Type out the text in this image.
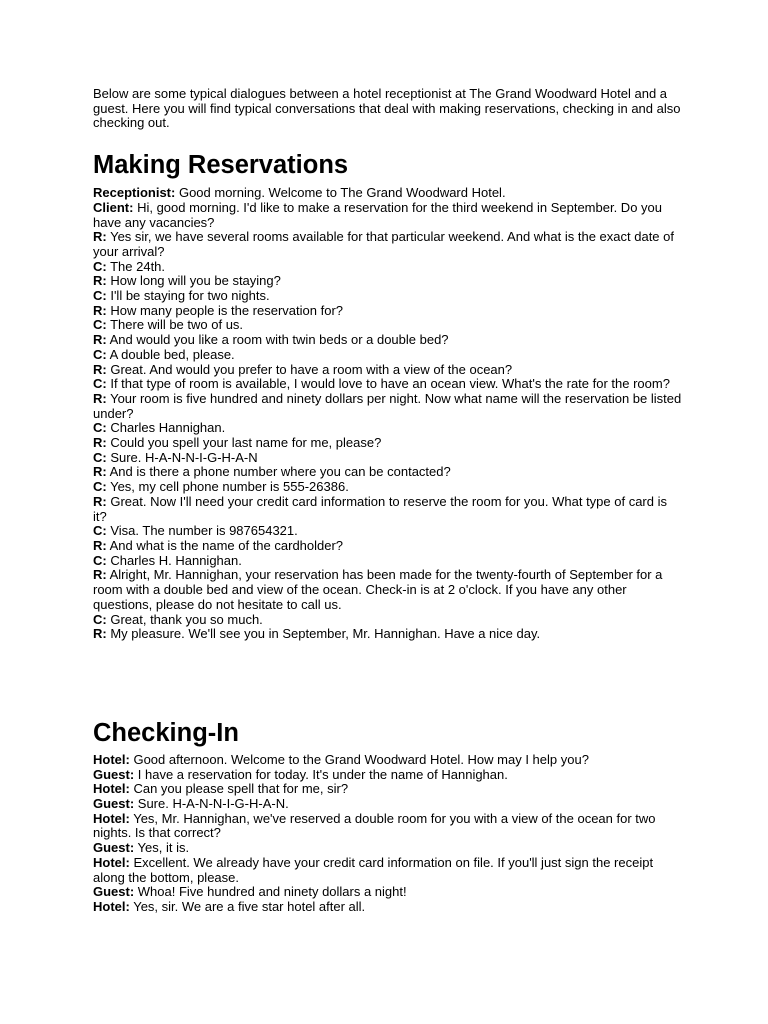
Below are some typical dialogues between a hotel receptionist at The Grand Woodward Hotel and a guest. Here you will find typical conversations that deal with making reservations, checking in and also checking out.

Making Reservations
Receptionist: Good morning. Welcome to The Grand Woodward Hotel.
Client: Hi, good morning. I'd like to make a reservation for the third weekend in September. Do you have any vacancies?
R: Yes sir, we have several rooms available for that particular weekend. And what is the exact date of your arrival?
C: The 24th.
R: How long will you be staying?
C: I'll be staying for two nights.
R: How many people is the reservation for?
C: There will be two of us.
R: And would you like a room with twin beds or a double bed?
C: A double bed, please.
R: Great. And would you prefer to have a room with a view of the ocean?
C: If that type of room is available, I would love to have an ocean view. What's the rate for the room?
R: Your room is five hundred and ninety dollars per night. Now what name will the reservation be listed under?
C: Charles Hannighan.
R: Could you spell your last name for me, please?
C: Sure. H-A-N-N-I-G-H-A-N
R: And is there a phone number where you can be contacted?
C: Yes, my cell phone number is 555-26386.
R: Great. Now I'll need your credit card information to reserve the room for you. What type of card is it?
C: Visa. The number is 987654321.
R: And what is the name of the cardholder?
C: Charles H. Hannighan.
R: Alright, Mr. Hannighan, your reservation has been made for the twenty-fourth of September for a room with a double bed and view of the ocean. Check-in is at 2 o'clock. If you have any other questions, please do not hesitate to call us.
C: Great, thank you so much.
R: My pleasure. We'll see you in September, Mr. Hannighan. Have a nice day.
Checking-In
Hotel: Good afternoon. Welcome to the Grand Woodward Hotel. How may I help you?
Guest: I have a reservation for today. It's under the name of Hannighan.
Hotel: Can you please spell that for me, sir?
Guest: Sure. H-A-N-N-I-G-H-A-N.
Hotel: Yes, Mr. Hannighan, we've reserved a double room for you with a view of the ocean for two nights. Is that correct?
Guest: Yes, it is.
Hotel: Excellent. We already have your credit card information on file. If you'll just sign the receipt along the bottom, please.
Guest: Whoa! Five hundred and ninety dollars a night!
Hotel: Yes, sir. We are a five star hotel after all.
